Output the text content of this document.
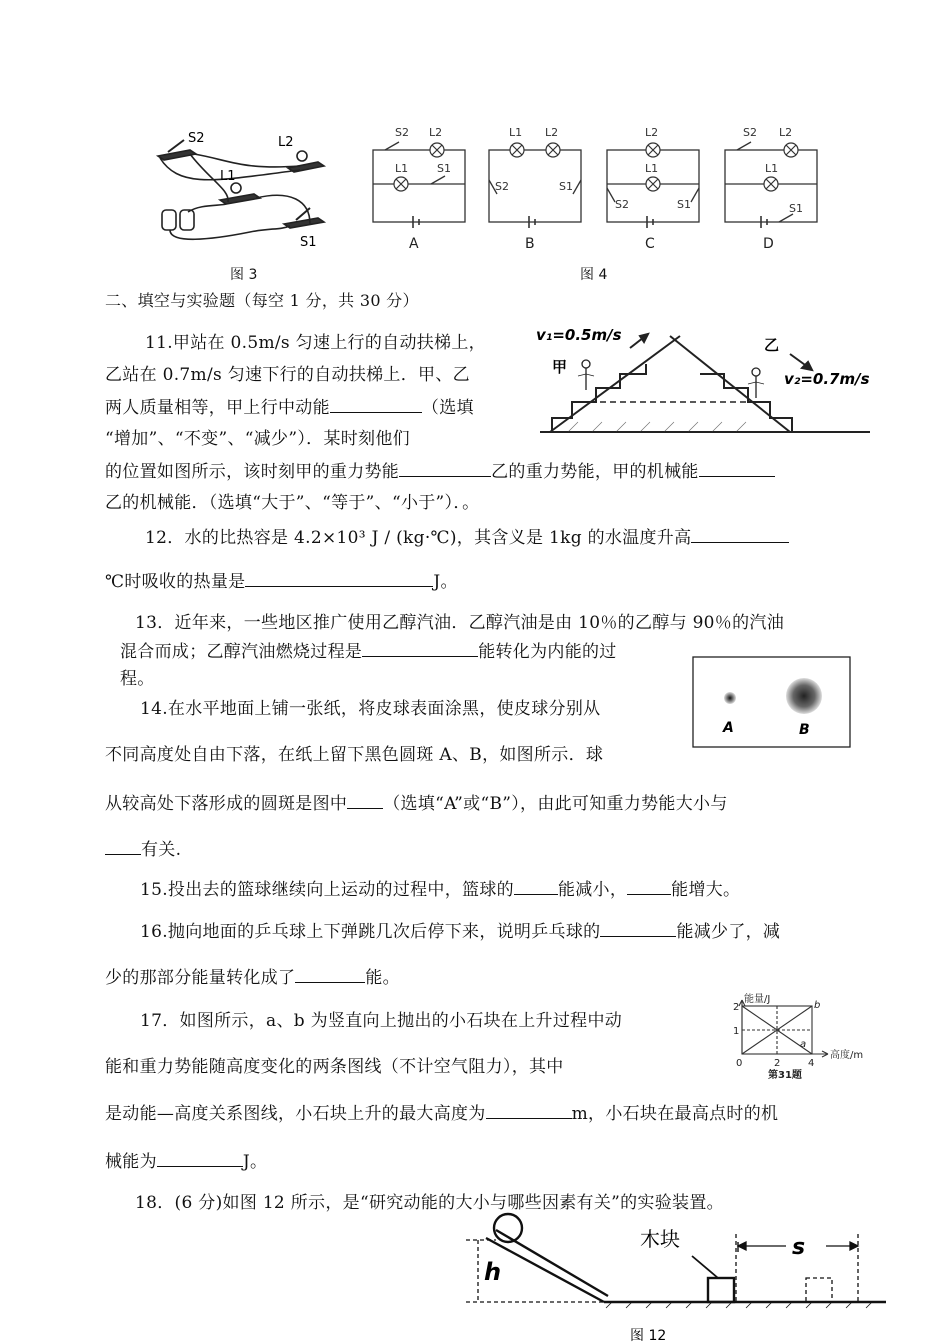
S2	L2
L1
S1
图 3
S2 L2
L1	S1
L1 L2
S2	S1
L2
L1
S2	S1
S2 L2
L1
S1
A	B	C	D
图 4
二、填空与实验题（每空 1 分，共 30 分）
11.甲站在 0.5m/s 匀速上行的自动扶梯上，
乙站在 0.7m/s 匀速下行的自动扶梯上．甲、乙
两人质量相等，甲上行中动能	（选填
“增加”、“不变”、“减少”）．某时刻他们
的位置如图所示，该时刻甲的重力势能	乙的重力势能，甲的机械能
乙的机械能．（选填“大于”、“等于”、“小于”）．。
v₁=0.5m/s
甲
乙
v₂=0.7m/s
12．水的比热容是 4.2×10³ J / (kg·℃)，其含义是 1kg 的水温度升高
℃时吸收的热量是	J。
13．近年来，一些地区推广使用乙醇汽油．乙醇汽油是由 10％的乙醇与 90％的汽油
混合而成；乙醇汽油燃烧过程是	能转化为内能的过
程。
14.在水平地面上铺一张纸，将皮球表面涂黑，使皮球分别从
不同高度处自由下落，在纸上留下黑色圆斑 A、B，如图所示．球
从较高处下落形成的圆斑是图中 （选填“A”或“B”），由此可知重力势能大小与
有关.
A	B
15.投出去的篮球继续向上运动的过程中，篮球的	能减小，	能增大。
16.抛向地面的乒乓球上下弹跳几次后停下来，说明乒乓球的	能减少了，减
少的那部分能量转化成了	能。
17．如图所示，a、b 为竖直向上抛出的小石块在上升过程中动
能和重力势能随高度变化的两条图线（不计空气阻力），其中
是动能—高度关系图线，小石块上升的最大高度为	m，小石块在最高点时的机
械能为	J。
能量/J
高度/m
2
1
0	2	4
b
a
第31题
18．(6 分)如图 12 所示，是“研究动能的大小与哪些因素有关”的实验装置。
h
s
木块
图 12
